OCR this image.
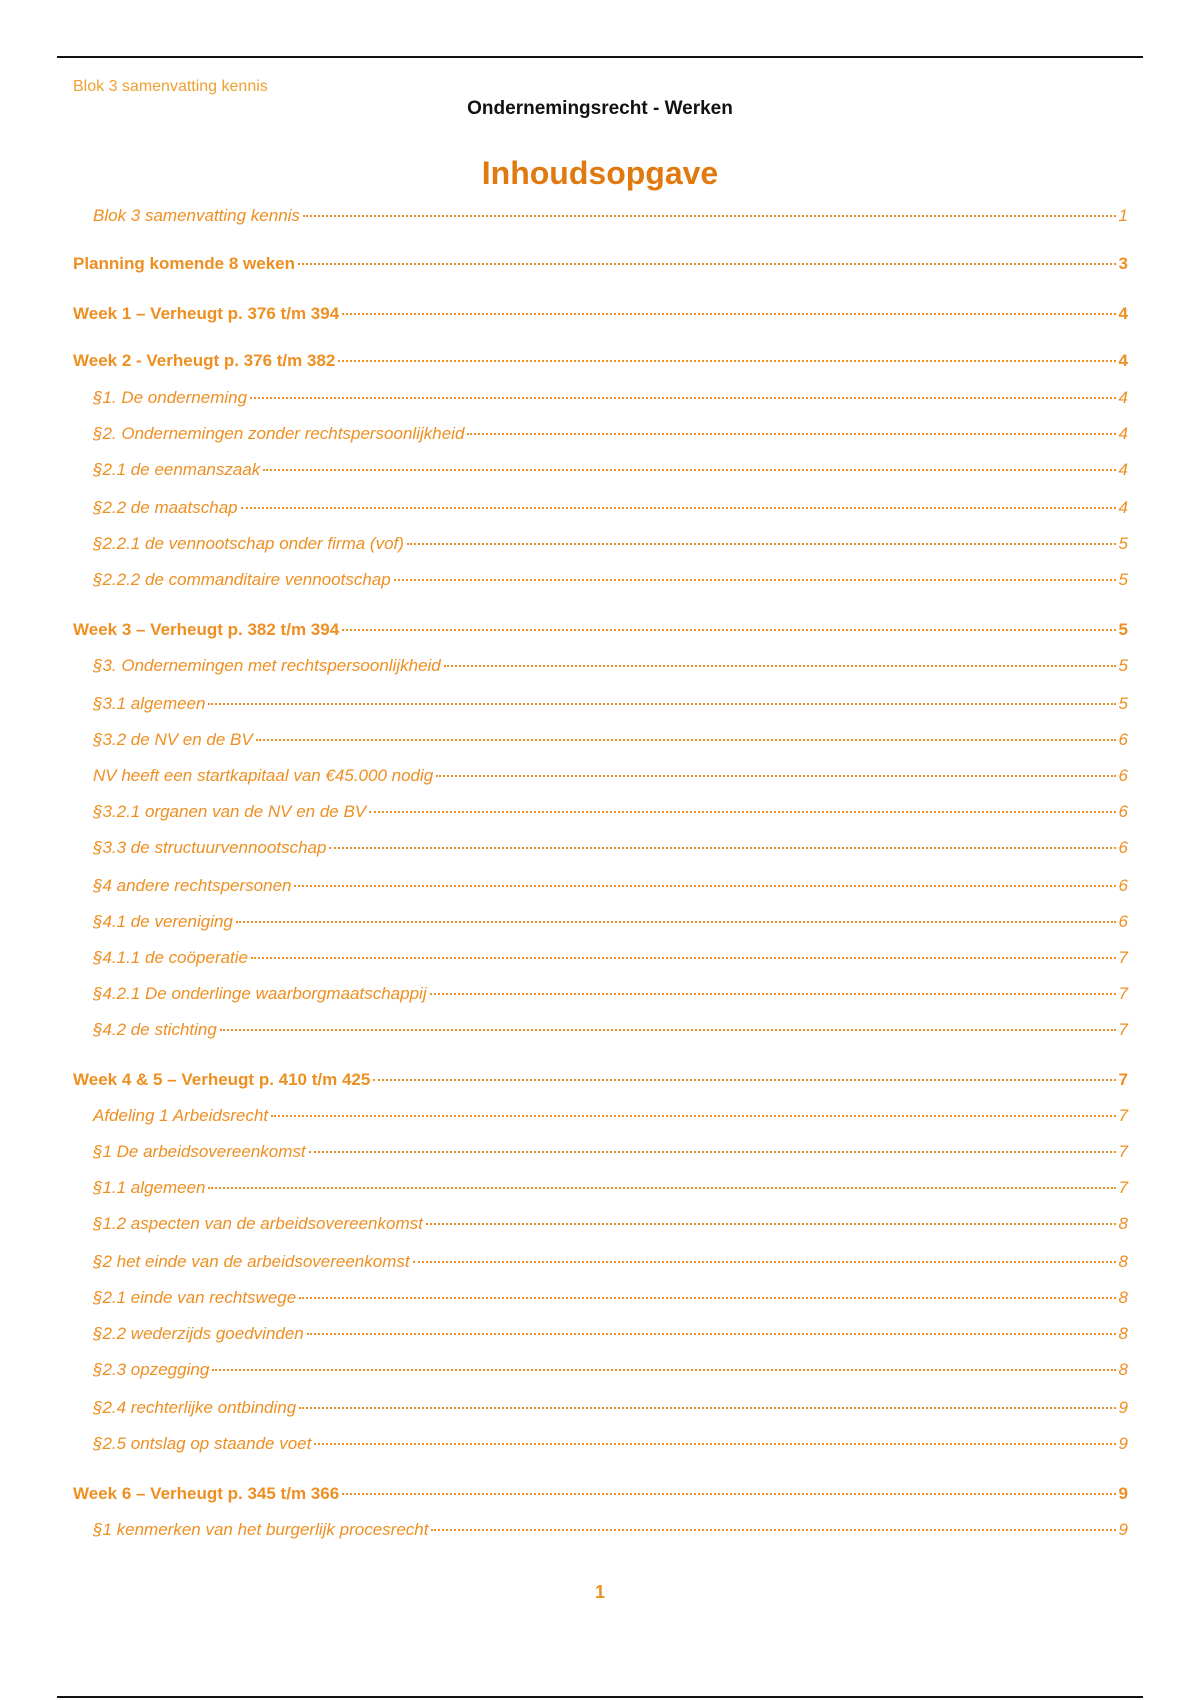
Blok 3 samenvatting kennis
Ondernemingsrecht - Werken
Inhoudsopgave
Blok 3 samenvatting kennis	1
Planning komende 8 weken	3
Week 1 – Verheugt p. 376 t/m 394	4
Week 2 - Verheugt p. 376 t/m 382	4
§1. De onderneming	4
§2. Ondernemingen zonder rechtspersoonlijkheid	4
§2.1 de eenmanszaak	4
§2.2 de maatschap	4
§2.2.1 de vennootschap onder firma (vof)	5
§2.2.2 de commanditaire vennootschap	5
Week 3 – Verheugt p. 382 t/m 394	5
§3. Ondernemingen met rechtspersoonlijkheid	5
§3.1 algemeen	5
§3.2 de NV en de BV	6
NV heeft een startkapitaal van €45.000 nodig	6
§3.2.1 organen van de NV en de BV	6
§3.3 de structuurvennootschap	6
§4 andere rechtspersonen	6
§4.1 de vereniging	6
§4.1.1 de coöperatie	7
§4.2.1 De onderlinge waarborgmaatschappij	7
§4.2 de stichting	7
Week 4 & 5 – Verheugt p. 410 t/m 425	7
Afdeling 1 Arbeidsrecht	7
§1 De arbeidsovereenkomst	7
§1.1 algemeen	7
§1.2 aspecten van de arbeidsovereenkomst	8
§2 het einde van de arbeidsovereenkomst	8
§2.1 einde van rechtswege	8
§2.2 wederzijds goedvinden	8
§2.3 opzegging	8
§2.4 rechterlijke ontbinding	9
§2.5 ontslag op staande voet	9
Week 6 – Verheugt p. 345 t/m 366	9
§1 kenmerken van het burgerlijk procesrecht	9
1
